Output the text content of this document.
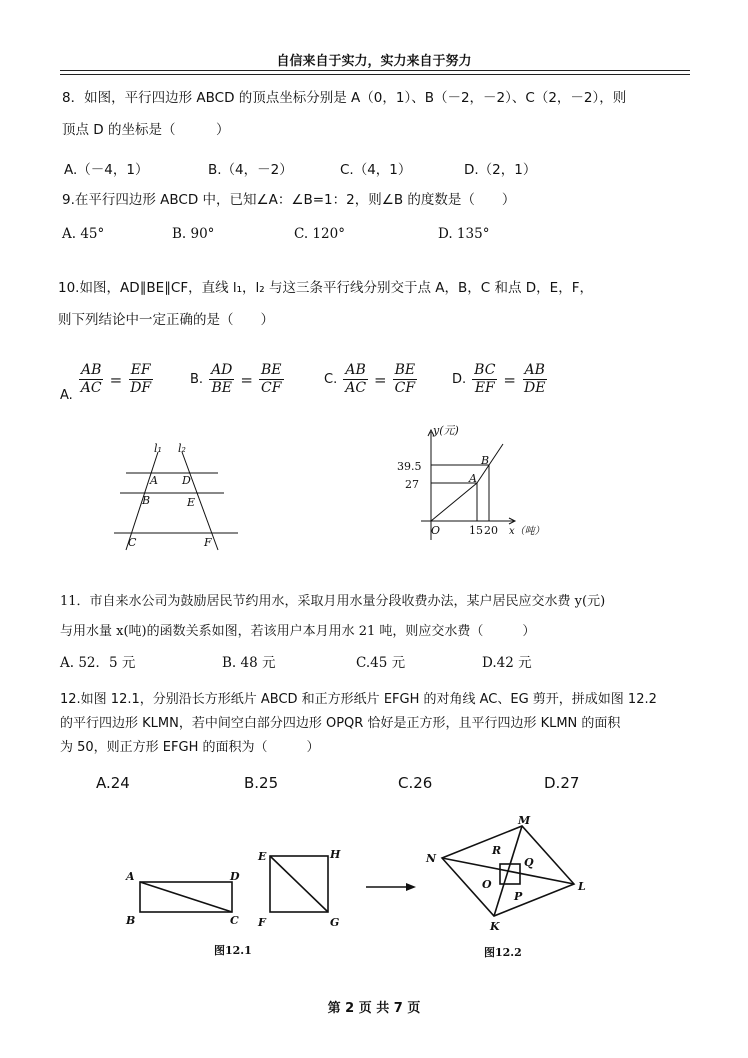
自信来自于实力，实力来自于努力
8．如图，平行四边形 ABCD 的顶点坐标分别是 A（0，1）、B（－2，－2）、C（2，－2），则
顶点 D 的坐标是（　　　）
A.（－4，1）	B.（4，－2）	C.（4，1）	D.（2，1）
9.在平行四边形 ABCD 中，已知∠A：∠B=1：2，则∠B 的度数是（　　）
A. 45°	B. 90°	C. 120°	D. 135°
10.如图，AD∥BE∥CF，直线 l₁，l₂ 与这三条平行线分别交于点 A，B，C 和点 D，E，F，
则下列结论中一定正确的是（　　）
A. $\frac{AB}{AC} = \frac{EF}{DF}$	B. $\frac{AD}{BE} = \frac{BE}{CF}$	C. $\frac{AB}{AC} = \frac{BE}{CF}$	D. $\frac{BC}{EF} = \frac{AB}{DE}$
l₁ l₂
A D
B	E
C	F
y(元)
39.5
27
15 20 x（吨）
O
A
B
11．市自来水公司为鼓励居民节约用水，采取月用水量分段收费办法，某户居民应交水费 y(元)
与用水量 x(吨)的函数关系如图，若该用户本月用水 21 吨，则应交水费（　　　）
A. 52．5 元	B. 48 元	C.45 元	D.42 元
12.如图 12.1，分别沿长方形纸片 ABCD 和正方形纸片 EFGH 的对角线 AC、EG 剪开，拼成如图 12.2
的平行四边形 KLMN，若中间空白部分四边形 OPQR 恰好是正方形，且平行四边形 KLMN 的面积
为 50，则正方形 EFGH 的面积为（　　　）
A.24	B.25	C.26	D.27
A
B	C
D
E
F	G
H
图12.1
M
N
K
L
R
Q
O
P
图12.2
第 2 页 共 7 页
